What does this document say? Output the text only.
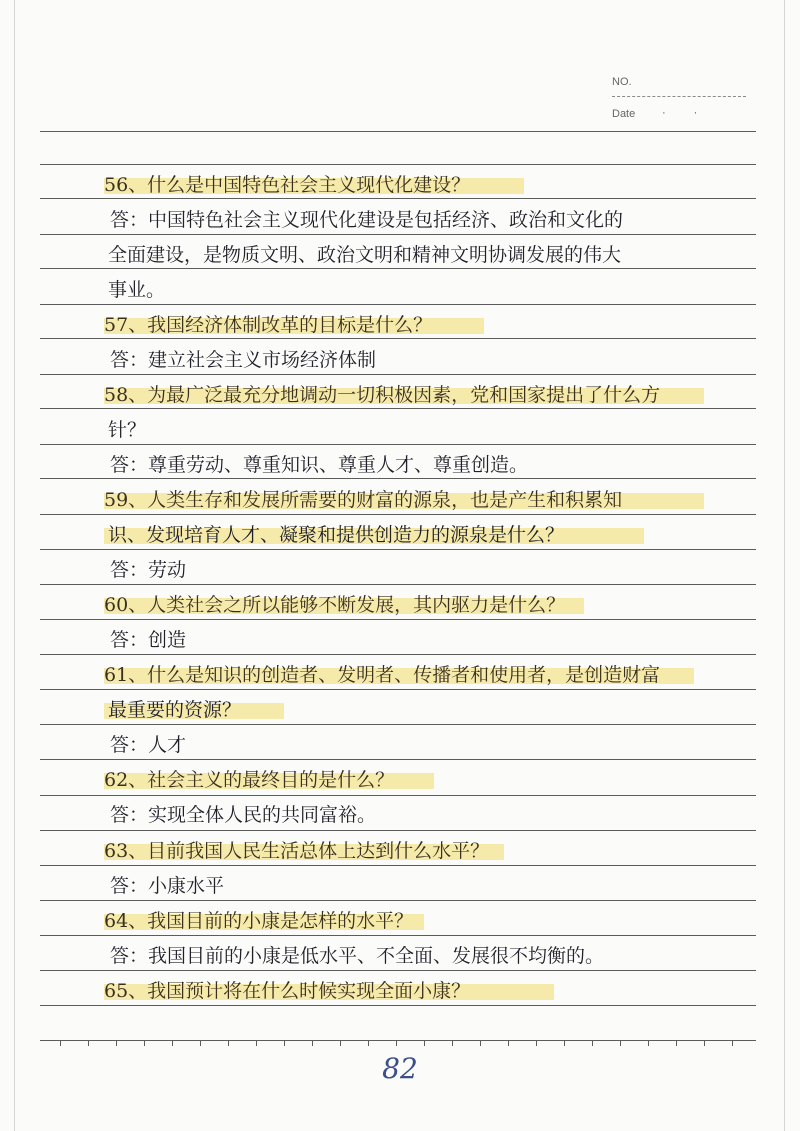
NO.
Date ··
56、什么是中国特色社会主义现代化建设？
答：中国特色社会主义现代化建设是包括经济、政治和文化的
全面建设，是物质文明、政治文明和精神文明协调发展的伟大
事业。
57、我国经济体制改革的目标是什么？
答：建立社会主义市场经济体制
58、为最广泛最充分地调动一切积极因素，党和国家提出了什么方
针？
答：尊重劳动、尊重知识、尊重人才、尊重创造。
59、人类生存和发展所需要的财富的源泉，也是产生和积累知
识、发现培育人才、凝聚和提供创造力的源泉是什么？
答：劳动
60、人类社会之所以能够不断发展，其内驱力是什么？
答：创造
61、什么是知识的创造者、发明者、传播者和使用者，是创造财富
最重要的资源？
答：人才
62、社会主义的最终目的是什么？
答：实现全体人民的共同富裕。
63、目前我国人民生活总体上达到什么水平？
答：小康水平
64、我国目前的小康是怎样的水平？
答：我国目前的小康是低水平、不全面、发展很不均衡的。
65、我国预计将在什么时候实现全面小康？
82
